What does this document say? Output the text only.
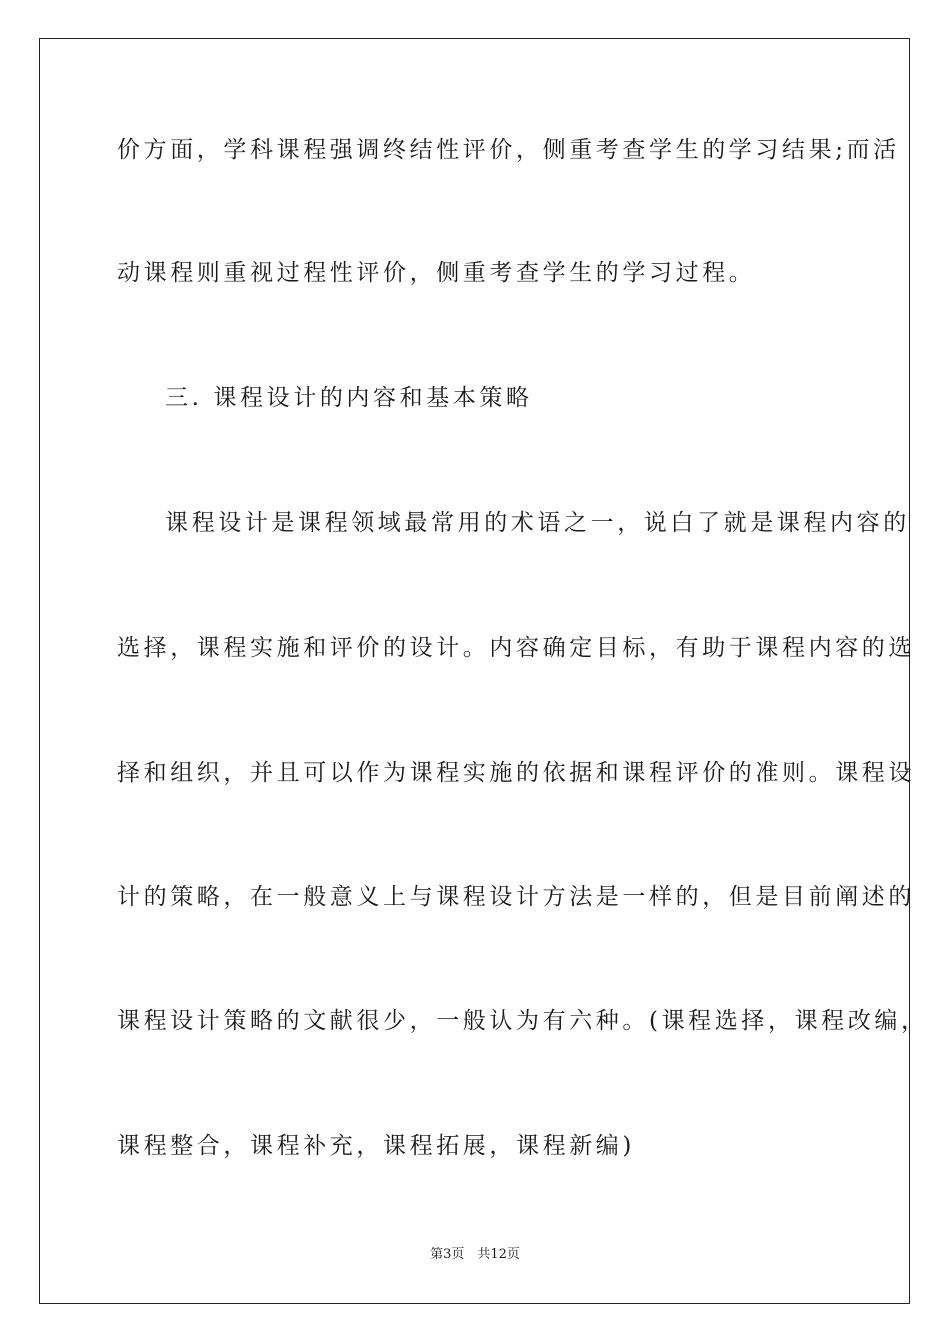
价方面，学科课程强调终结性评价，侧重考查学生的学习结果;而活
动课程则重视过程性评价，侧重考查学生的学习过程。
三. 课程设计的内容和基本策略
课程设计是课程领域最常用的术语之一，说白了就是课程内容的
选择，课程实施和评价的设计。内容确定目标，有助于课程内容的选
择和组织，并且可以作为课程实施的依据和课程评价的准则。课程设
计的策略，在一般意义上与课程设计方法是一样的，但是目前阐述的
课程设计策略的文献很少，一般认为有六种。(课程选择，课程改编，
课程整合，课程补充，课程拓展，课程新编)
第3页　共12页
